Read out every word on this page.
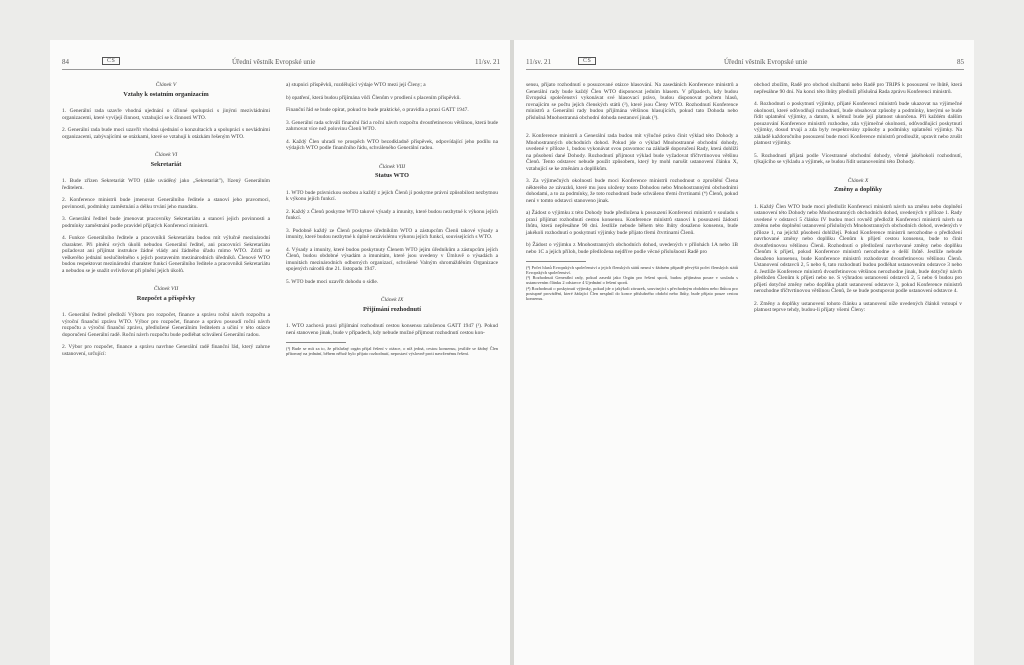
84	CS	Úřední věstník Evropské unie	11/sv. 21
Článek V
Vztahy k ostatním organizacím

1. Generální rada uzavře vhodná ujednání o účinné spolupráci s jinými mezivládními organizacemi, které vyvíjejí činnost, vztahující se k činnosti WTO.

2. Generální rada bude moci uzavřít vhodná ujednání o konzultacích a spolupráci s nevládními organizacemi, zabývajícími se otázkami, které se vztahují k otázkám řešeným WTO.

Článek VI
Sekretariát

1. Bude zřízen Sekretariát WTO (dále uváděný jako „Sekretariát"), řízený Generálním ředitelem.

2. Konference ministrů bude jmenovat Generálního ředitele a stanoví jeho pravomoci, povinnosti, podmínky zaměstnání a délku trvání jeho mandátu.

3. Generální ředitel bude jmenovat pracovníky Sekretariátu a stanoví jejich povinnosti a podmínky zaměstnání podle pravidel přijatých Konferencí ministrů.

4. Funkce Generálního ředitele a pracovníků Sekretariátu budou mít výlučně mezinárodní charakter. Při plnění svých úkolů nebudou Generální ředitel, ani pracovníci Sekretariátu požadovat ani přijímat instrukce žádné vlády ani žádného úřadu mimo WTO. Zdrží se veškerého jednání neslučitelného s jejich postavením mezinárodních úředníků. Členové WTO budou respektovat mezinárodní charakter funkcí Generálního ředitele a pracovníků Sekretariátu a nebudou se je snažit ovlivňovat při plnění jejich úkolů.

Článek VII
Rozpočet a příspěvky

1. Generální ředitel předloží Výboru pro rozpočet, finance a správu roční návrh rozpočtu a výroční finanční zprávu WTO. Výbor pro rozpočet, finance a správu posoudí roční návrh rozpočtu a výroční finanční zprávu, předložené Generálním ředitelem a učiní v této otázce doporučení Generální radě. Roční návrh rozpočtu bude podléhat schválení Generální radou.

2. Výbor pro rozpočet, finance a správu navrhne Generální radě finanční řád, který zahrne ustanovení, určující:

a) stupnici příspěvků, rozdělující výdaje WTO mezi její Členy; a

b) opatření, která budou přijímána vůči Členům v prodlení s placením příspěvků.

Finanční řád se bude opírat, pokud to bude praktické, o pravidla a praxi GATT 1947.

3. Generální rada schválí finanční řád a roční návrh rozpočtu dvoutřetinovou většinou, která bude zahrnovat více než polovinu Členů WTO.

4. Každý Člen uhradí ve prospěch WTO bezodkladně příspěvek, odpovídající jeho podílu na výdajích WTO podle finančního řádu, schváleného Generální radou.

Článek VIII
Status WTO

1. WTO bude právnickou osobou a každý z jejích Členů jí poskytne právní způsobilost nezbytnou k výkonu jejích funkcí.

2. Každý z Členů poskytne WTO takové výsady a imunity, které budou nezbytné k výkonu jejích funkcí.

3. Podobně každý ze Členů poskytne úředníkům WTO a zástupcům Členů takové výsady a imunity, které budou nezbytné k úplně nezávislému výkonu jejich funkcí, souvisejících s WTO.

4. Výsady a imunity, které budou poskytnuty Členem WTO jejím úředníkům a zástupcům jejích Členů, budou obdobné výsadám a imunitám, které jsou uvedeny v Úmluvě o výsadách a imunitách mezinárodních odborných organizací, schválené Valným shromážděním Organizace spojených národů dne 21. listopadu 1947.

5. WTO bude moci uzavřít dohodu o sídle.

Článek IX
Přijímání rozhodnutí

1. WTO zachová praxi přijímání rozhodnutí cestou konsensu založenou GATT 1947 (¹). Pokud není stanoveno jinak, bude v případech, kdy nebude možné přijmout rozhodnutí cestou kon-

(¹) Bude se mít za to, že příslušný orgán přijal řešení v otázce, o níž jedná, cestou konsensu, jestliže se žádný Člen přítomný na jednání, během něhož bylo přijato rozhodnutí, nepostaví výslovně proti navrženému řešení.
11/sv. 21	CS	Úřední věstník Evropské unie	85

sensu, přijato rozhodnutí o posuzované otázce hlasování. Na zasedáních Konference ministrů a Generální rady bude každý Člen WTO disponovat jedním hlasem. V případech, kdy budou Evropská společenství vykonávat své hlasovací právo, budou disponovat počtem hlasů, rovnajícím se počtu jejích členských států (²), které jsou Členy WTO. Rozhodnutí Konference ministrů a Generální rady budou přijímána většinou hlasujících, pokud tato Dohoda nebo příslušná Mnohostranná obchodní dohoda nestanoví jinak (³).

2. Konference ministrů a Generální rada budou mít výlučné právo činit výklad této Dohody a Mnohostranných obchodních dohod. Pokud jde o výklad Mnohostranné obchodní dohody, uvedené v příloze 1, budou vykonávat svou pravomoc na základě doporučení Rady, která dohlíží na působení dané Dohody. Rozhodnutí přijmout výklad bude vyžadovat tříčtvrtinovou většinu Členů. Tento odstavec nebude použit způsobem, který by mohl narušit ustanovení článku X, vztahující se ke změnám a doplňkům.

3. Za výjimečných okolností bude moci Konference ministrů rozhodnout o zproštění Člena některého ze závazků, které mu jsou uloženy touto Dohodou nebo Mnohostrannými obchodními dohodami, a to za podmínky, že toto rozhodnutí bude schváleno třemi čtvrtinami (⁴) Členů, pokud není v tomto odstavci stanoveno jinak.

a) Žádost o výjimku z této Dohody bude předložena k posouzení Konferenci ministrů v souladu s praxí přijímat rozhodnutí cestou konsensu. Konference ministrů stanoví k posouzení žádosti lhůtu, která nepřesáhne 90 dní. Jestliže nebude během této lhůty dosaženo konsensu, bude jakékoli rozhodnutí o poskytnutí výjimky bude přijato třemi čtvrtinami Členů.

b) Žádost o výjimku z Mnohostranných obchodních dohod, uvedených v přílohách 1A nebo 1B nebo 1C a jejich příloh, bude předložena nejdříve podle věcné příslušnosti Radě pro

(²) Počet hlasů Evropských společenství a jejich členských států nesmí v žádném případě převýšit počet členských států Evropských společenství.
(³) Rozhodnutí Generální rady, pokud zasedá jako Orgán pro řešení sporů, budou přijímána pouze v souladu s ustanovením článku 2 odstavce 4 Ujednání o řešení sporů.
(⁴) Rozhodnutí o poskytnutí výjimky, pokud jde o jakýkoli závazek, související s přechodným obdobím nebo lhůtou pro postupné provádění, které žádající Člen nesplnil do konce příslušného období nebo lhůty, bude přijato pouze cestou konsensu.

obchod zbožím, Radě pro obchod službami nebo Radě pro TRIPS k posouzení ve lhůtě, která nepřesáhne 90 dní. Na konci této lhůty předloží příslušná Rada zprávu Konferenci ministrů.

4. Rozhodnutí o poskytnutí výjimky, přijaté Konferencí ministrů bude ukazovat na výjimečné okolnosti, které odůvodňují rozhodnutí, bude obsahovat způsoby a podmínky, kterými se bude řídit uplatnění výjimky, a datum, k němuž bude její platnost ukončena. Při každém dalším posuzování Konference ministrů rozhodne, zda výjimečné okolnosti, odůvodňující poskytnutí výjimky, dosud trvají a zda byly respektovány způsoby a podmínky uplatnění výjimky. Na základě každoročního posouzení bude moci Konference ministrů prodloužit, upravit nebo zrušit platnost výjimky.

5. Rozhodnutí přijatá podle Vícestranné obchodní dohody, včetně jakéhokoli rozhodnutí, týkajícího se výkladu a výjimek, se budou řídit ustanoveními této Dohody.

Článek X
Změny a doplňky

1. Každý Člen WTO bude moci předložit Konferenci ministrů návrh na změnu nebo doplnění ustanovení této Dohody nebo Mnohostranných obchodních dohod, uvedených v příloze 1. Rady uvedené v odstavci 5 článku IV budou moci rovněž předložit Konferenci ministrů návrh na změnu nebo doplnění ustanovení příslušných Mnohostranných obchodních dohod, uvedených v příloze 1, na jejichž působení dohlížejí. Pokud Konference ministrů nerozhodne o předložení navrhované změny nebo doplňku Členům k přijetí cestou konsensu, bude to činit dvoutřetinovou většinou Členů. Rozhodnutí o předložení navrhované změny nebo doplňku Členům k přijetí, pokud Konference ministrů nerozhodne o delší lhůtě. Jestliže nebude dosaženo konsensu, bude Konference ministrů rozhodovat dvoutřetinovou většinou Členů. Ustanovení odstavců 2, 5 nebo 6, tato rozhodnutí budou podléhat ustanovením odstavce 3 nebo 4. Jestliže Konference ministrů dvoutřetinovou většinou nerozhodne jinak, bude dotyčný návrh předložen Členům k přijetí nebo ne. S výhradou ustanovení odstavců 2, 5 nebo 6 budou pro přijetí dotyčné změny nebo doplňku platit ustanovení odstavce 3, pokud Konference ministrů nerozhodne tříčtvrtinovou většinou Členů, že se bude postupovat podle ustanovení odstavce 4.

2. Změny a doplňky ustanovení tohoto článku a ustanovení níže uvedených článků vstoupí v platnost teprve tehdy, budou-li přijaty všemi Členy:
